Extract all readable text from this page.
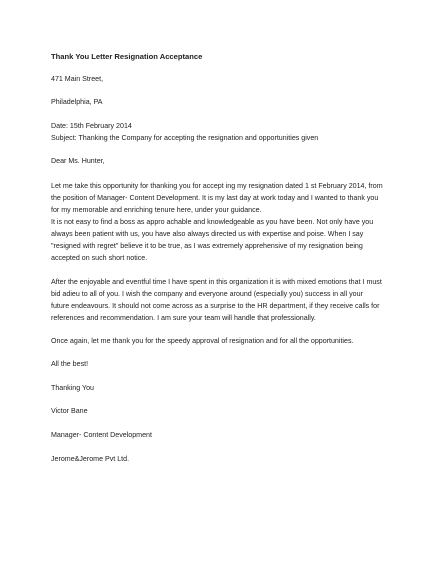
Thank You Letter Resignation Acceptance
471 Main Street,
Philadelphia, PA
Date: 15th February 2014
Subject: Thanking the Company for accepting the resignation and opportunities given
Dear Ms. Hunter,
Let me take this opportunity for thanking you for accept ing my resignation dated 1 st February 2014, from
the position of Manager- Content Development. It is my last day at work today and I wanted to thank you
for my memorable and enriching tenure here, under your guidance.
It is not easy to find a boss as appro achable and knowledgeable as you have been. Not only have you
always been patient with us, you have also always directed us with expertise and poise. When I say
"resigned with regret" believe it to be true, as I was extremely apprehensive of my resignation being
accepted on such short notice.
After the enjoyable and eventful time I have spent in this organization it is with mixed emotions that I must
bid adieu to all of you. I wish the company and everyone around (especially you) success in all your
future endeavours. It should not come across as a surprise to the HR department, if they receive calls for
references and recommendation. I am sure your team will handle that professionally.
Once again, let me thank you for the speedy approval of resignation and for all the opportunities.
All the best!
Thanking You
Victor Bane
Manager- Content Development
Jerome&Jerome Pvt Ltd.
